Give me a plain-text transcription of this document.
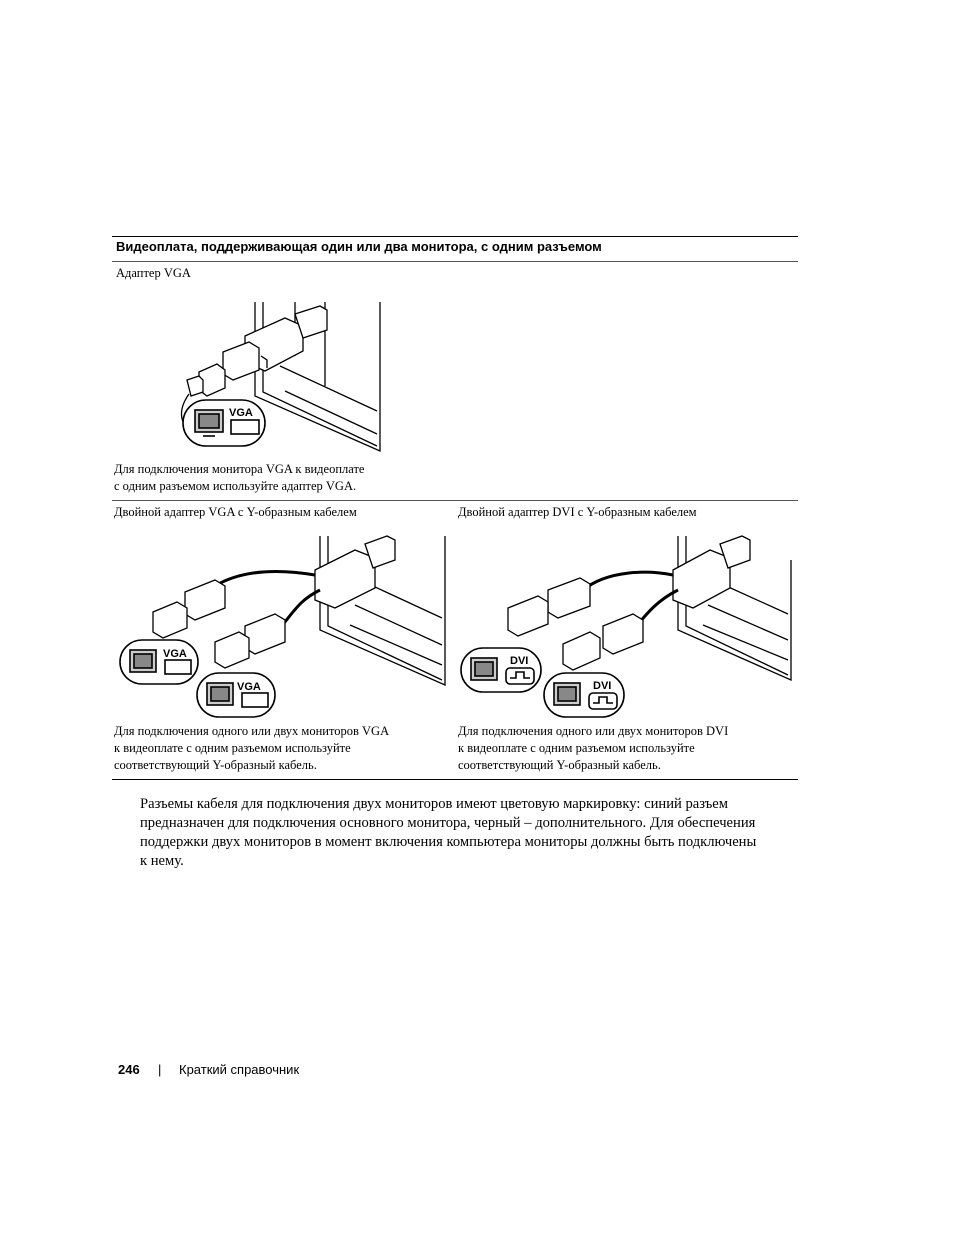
Видеоплата, поддерживающая один или два монитора, с одним разъемом
Адаптер VGA
VGA
Для подключения монитора VGA к видеоплате
с одним разъемом используйте адаптер VGA.
Двойной адаптер VGA с Y-образным кабелем
VGA
VGA
Для подключения одного или двух мониторов VGA
к видеоплате с одним разъемом используйте
соответствующий Y-образный кабель.
Двойной адаптер DVI с Y-образным кабелем
DVI
DVI
Для подключения одного или двух мониторов DVI
к видеоплате с одним разъемом используйте
соответствующий Y-образный кабель.
Разъемы кабеля для подключения двух мониторов имеют цветовую маркировку: синий разъем
предназначен для подключения основного монитора, черный – дополнительного. Для обеспечения
поддержки двух мониторов в момент включения компьютера мониторы должны быть подключены
к нему.
246 | Краткий справочник
